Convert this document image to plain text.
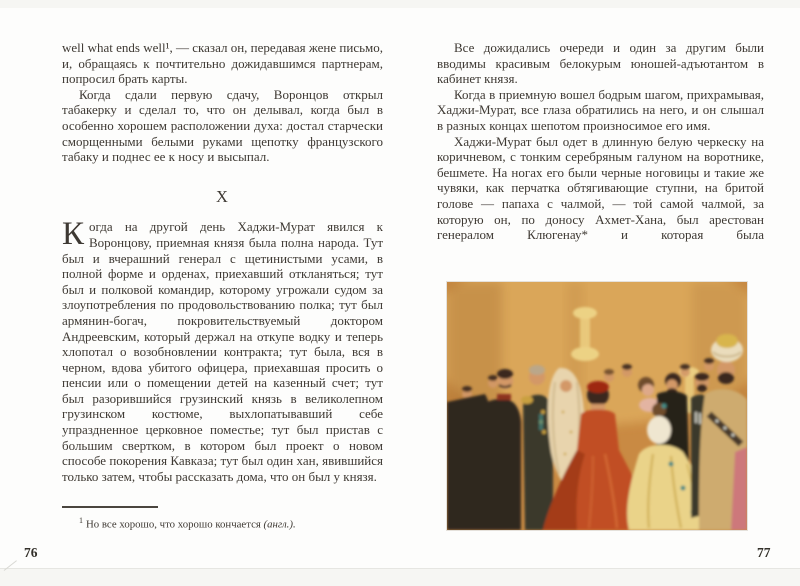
well what ends well¹, — сказал он, передавая жене письмо, и, обращаясь к почтительно дожидавшимся партнерам, попросил брать карты.

Когда сдали первую сдачу, Воронцов открыл табакерку и сделал то, что он делывал, когда был в особенно хорошем расположении духа: достал старчески сморщенными белыми руками щепотку французского табаку и поднес ее к носу и высыпал.

X

Когда на другой день Хаджи-Мурат явился к Воронцову, приемная князя была полна народа. Тут был и вчерашний генерал с щетинистыми усами, в полной форме и орденах, приехавший откланяться; тут был и полковой командир, которому угрожали судом за злоупотребления по продовольствованию полка; тут был армянин-богач, покровительствуемый доктором Андреевским, который держал на откупе водку и теперь хлопотал о возобновлении контракта; тут была, вся в черном, вдова убитого офицера, приехавшая просить о пенсии или о помещении детей на казенный счет; тут был разорившийся грузинский князь в великолепном грузинском костюме, выхлопатывавший себе упраздненное церковное поместье; тут был пристав с большим свертком, в котором был проект о новом способе покорения Кавказа; тут был один хан, явившийся только затем, чтобы рассказать дома, что он был у князя.

$^1$ Но все хорошо, что хорошо кончается (англ.).
76

Все дожидались очереди и один за другим были вводимы красивым белокурым юношей-адъютантом в кабинет князя.

Когда в приемную вошел бодрым шагом, прихрамывая, Хаджи-Мурат, все глаза обратились на него, и он слышал в разных концах шепотом произносимое его имя.

Хаджи-Мурат был одет в длинную белую черкеску на коричневом, с тонким серебряным галуном на воротнике, бешмете. На ногах его были черные ноговицы и такие же чувяки, как перчатка обтягивающие ступни, на бритой голове — папаха с чалмой, — той самой чалмой, за которую он, по доносу Ахмет-Хана, был арестован генералом Клюгенау* и которая была

77
